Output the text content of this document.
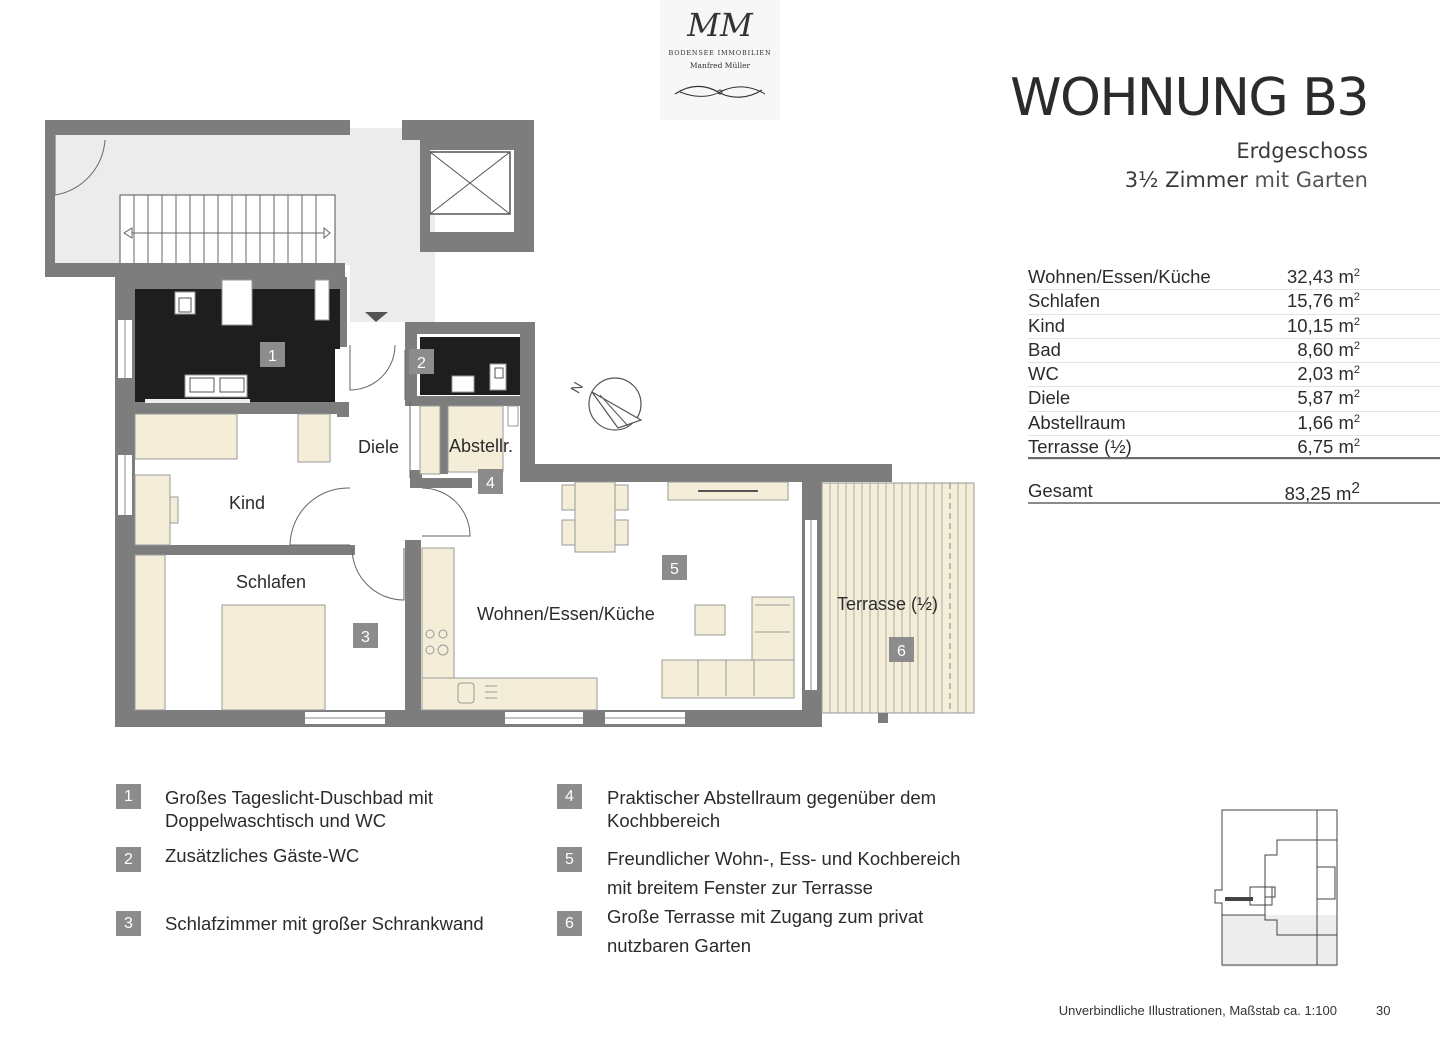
MM
BODENSEE IMMOBILIEN
Manfred Müller
WOHNUNG B3
Erdgeschoss
3½ Zimmer mit Garten
Wohnen/Essen/Küche	32,43 $m^2$
Schlafen	15,76 $m^2$
Kind	10,15 $m^2$
Bad	8,60 $m^2$
WC	2,03 $m^2$
Diele	5,87 $m^2$
Abstellraum	1,66 $m^2$
Terrasse (½)	6,75 $m^2$
Gesamt	83,25 $m^2$
N
Diele	Abstellr.
Kind
Schlafen
Wohnen/Essen/Küche	Terrasse (½)
1	2
3
4
5
6
1	Großes Tageslicht-Duschbad mit
Doppelwaschtisch und WC
2	Zusätzliches Gäste-WC
3	Schlafzimmer mit großer Schrankwand
4	Praktischer Abstellraum gegenüber dem
Kochbbereich
5	Freundlicher Wohn-, Ess- und Kochbereich
mit breitem Fenster zur Terrasse
6	Große Terrasse mit Zugang zum privat
nutzbaren Garten
Unverbindliche Illustrationen, Maßstab ca. 1:100	30
